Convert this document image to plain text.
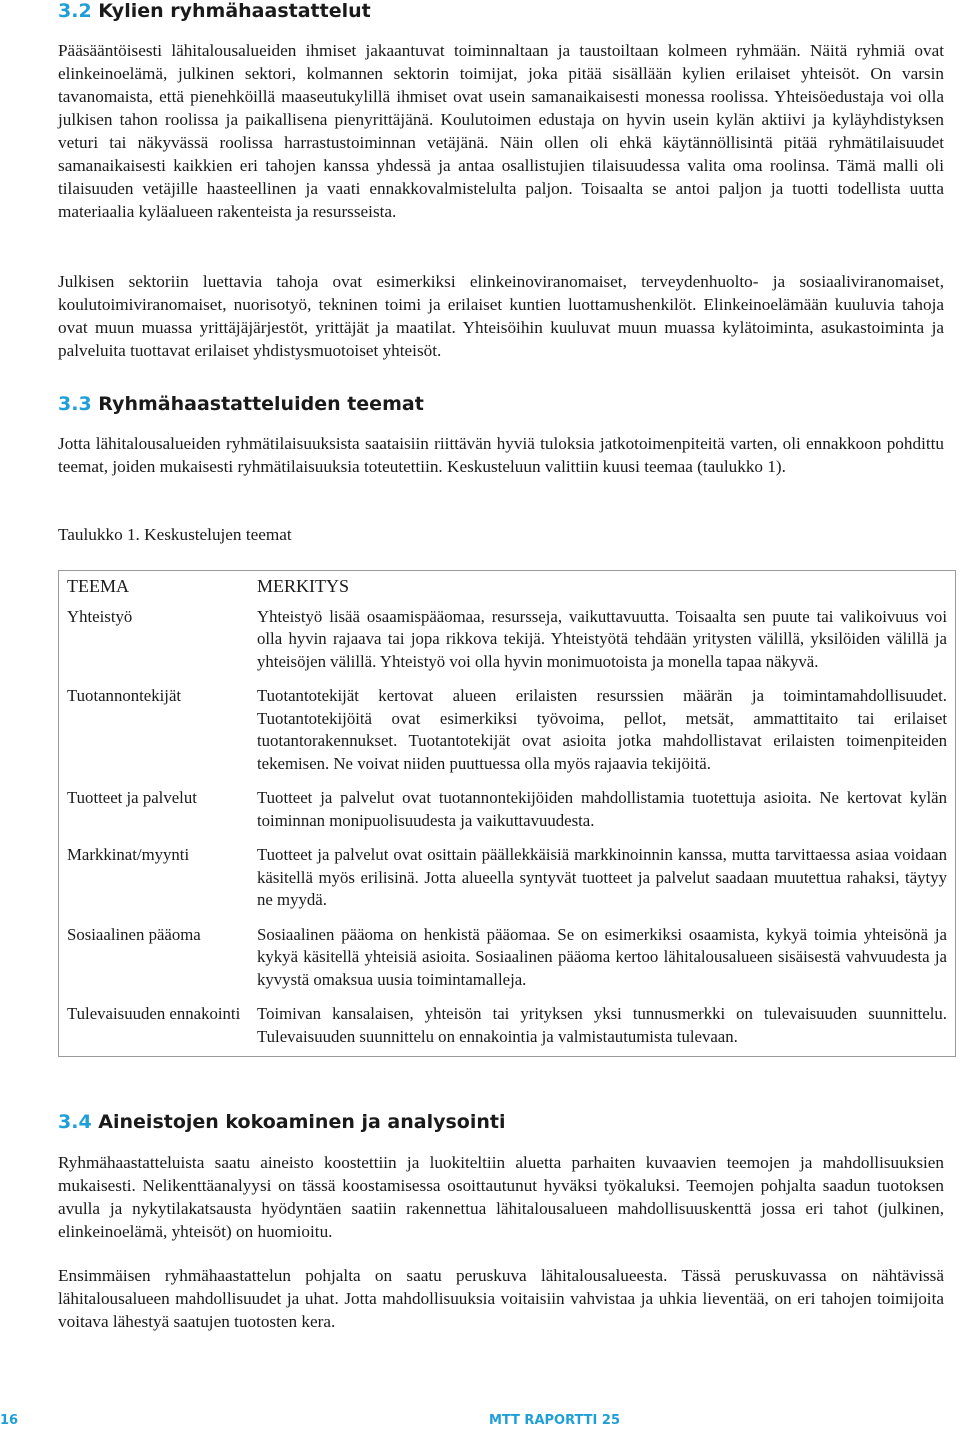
3.2 Kylien ryhmähaastattelut

Pääsääntöisesti lähitalousalueiden ihmiset jakaantuvat toiminnaltaan ja taustoiltaan kolmeen ryhmään. Näitä ryhmiä ovat elinkeinoelämä, julkinen sektori, kolmannen sektorin toimijat, joka pitää sisällään kylien erilaiset yhteisöt. On varsin tavanomaista, että pienehköillä maaseutukylillä ihmiset ovat usein samanaikaisesti monessa roolissa. Yhteisöedustaja voi olla julkisen tahon roolissa ja paikallisena pienyrittäjänä. Koulutoimen edustaja on hyvin usein kylän aktiivi ja kyläyhdistyksen veturi tai näkyvässä roolissa harrastustoiminnan vetäjänä. Näin ollen oli ehkä käytännöllisintä pitää ryhmätilaisuudet samanaikaisesti kaikkien eri tahojen kanssa yhdessä ja antaa osallistujien tilaisuudessa valita oma roolinsa. Tämä malli oli tilaisuuden vetäjille haasteellinen ja vaati ennakkovalmistelulta paljon. Toisaalta se antoi paljon ja tuotti todellista uutta materiaalia kyläalueen rakenteista ja resursseista.

Julkisen sektoriin luettavia tahoja ovat esimerkiksi elinkeinoviranomaiset, terveydenhuolto- ja sosiaaliviranomaiset, koulutoimiviranomaiset, nuorisotyö, tekninen toimi ja erilaiset kuntien luottamushenkilöt. Elinkeinoelämään kuuluvia tahoja ovat muun muassa yrittäjäjärjestöt, yrittäjät ja maatilat. Yhteisöihin kuuluvat muun muassa kylätoiminta, asukastoiminta ja palveluita tuottavat erilaiset yhdistysmuotoiset yhteisöt.

3.3 Ryhmähaastatteluiden teemat

Jotta lähitalousalueiden ryhmätilaisuuksista saataisiin riittävän hyviä tuloksia jatkotoimenpiteitä varten, oli ennakkoon pohdittu teemat, joiden mukaisesti ryhmätilaisuuksia toteutettiin. Keskusteluun valittiin kuusi teemaa (taulukko 1).

Taulukko 1. Keskustelujen teemat

TEEMA	MERKITYS
Yhteistyö	Yhteistyö lisää osaamispääomaa, resursseja, vaikuttavuutta. Toisaalta sen puute tai valikoivuus voi olla hyvin rajaava tai jopa rikkova tekijä. Yhteistyötä tehdään yritysten välillä, yksilöiden välillä ja yhteisöjen välillä. Yhteistyö voi olla hyvin monimuotoista ja monella tapaa näkyvä.
Tuotannontekijät	Tuotantotekijät kertovat alueen erilaisten resurssien määrän ja toimintamahdollisuudet. Tuotantotekijöitä ovat esimerkiksi työvoima, pellot, metsät, ammattitaito tai erilaiset tuotantorakennukset. Tuotantotekijät ovat asioita jotka mahdollistavat erilaisten toimenpiteiden tekemisen. Ne voivat niiden puuttuessa olla myös rajaavia tekijöitä.
Tuotteet ja palvelut	Tuotteet ja palvelut ovat tuotannontekijöiden mahdollistamia tuotettuja asioita. Ne kertovat kylän toiminnan monipuolisuudesta ja vaikuttavuudesta.
Markkinat/myynti	Tuotteet ja palvelut ovat osittain päällekkäisiä markkinoinnin kanssa, mutta tarvittaessa asiaa voidaan käsitellä myös erilisinä. Jotta alueella syntyvät tuotteet ja palvelut saadaan muutettua rahaksi, täytyy ne myydä.
Sosiaalinen pääoma	Sosiaalinen pääoma on henkistä pääomaa. Se on esimerkiksi osaamista, kykyä toimia yhteisönä ja kykyä käsitellä yhteisiä asioita. Sosiaalinen pääoma kertoo lähitalousalueen sisäisestä vahvuudesta ja kyvystä omaksua uusia toimintamalleja.
Tulevaisuuden ennakointi	Toimivan kansalaisen, yhteisön tai yrityksen yksi tunnusmerkki on tulevaisuuden suunnittelu. Tulevaisuuden suunnittelu on ennakointia ja valmistautumista tulevaan.
3.4 Aineistojen kokoaminen ja analysointi

Ryhmähaastatteluista saatu aineisto koostettiin ja luokiteltiin aluetta parhaiten kuvaavien teemojen ja mahdollisuuksien mukaisesti. Nelikenttäanalyysi on tässä koostamisessa osoittautunut hyväksi työkaluksi. Teemojen pohjalta saadun tuotoksen avulla ja nykytilakatsausta hyödyntäen saatiin rakennettua lähitalousalueen mahdollisuuskenttä jossa eri tahot (julkinen, elinkeinoelämä, yhteisöt) on huomioitu.

Ensimmäisen ryhmähaastattelun pohjalta on saatu peruskuva lähitalousalueesta. Tässä peruskuvassa on nähtävissä lähitalousalueen mahdollisuudet ja uhat. Jotta mahdollisuuksia voitaisiin vahvistaa ja uhkia lieventää, on eri tahojen toimijoita voitava lähestyä saatujen tuotosten kera.

16	MTT RAPORTTI 25
